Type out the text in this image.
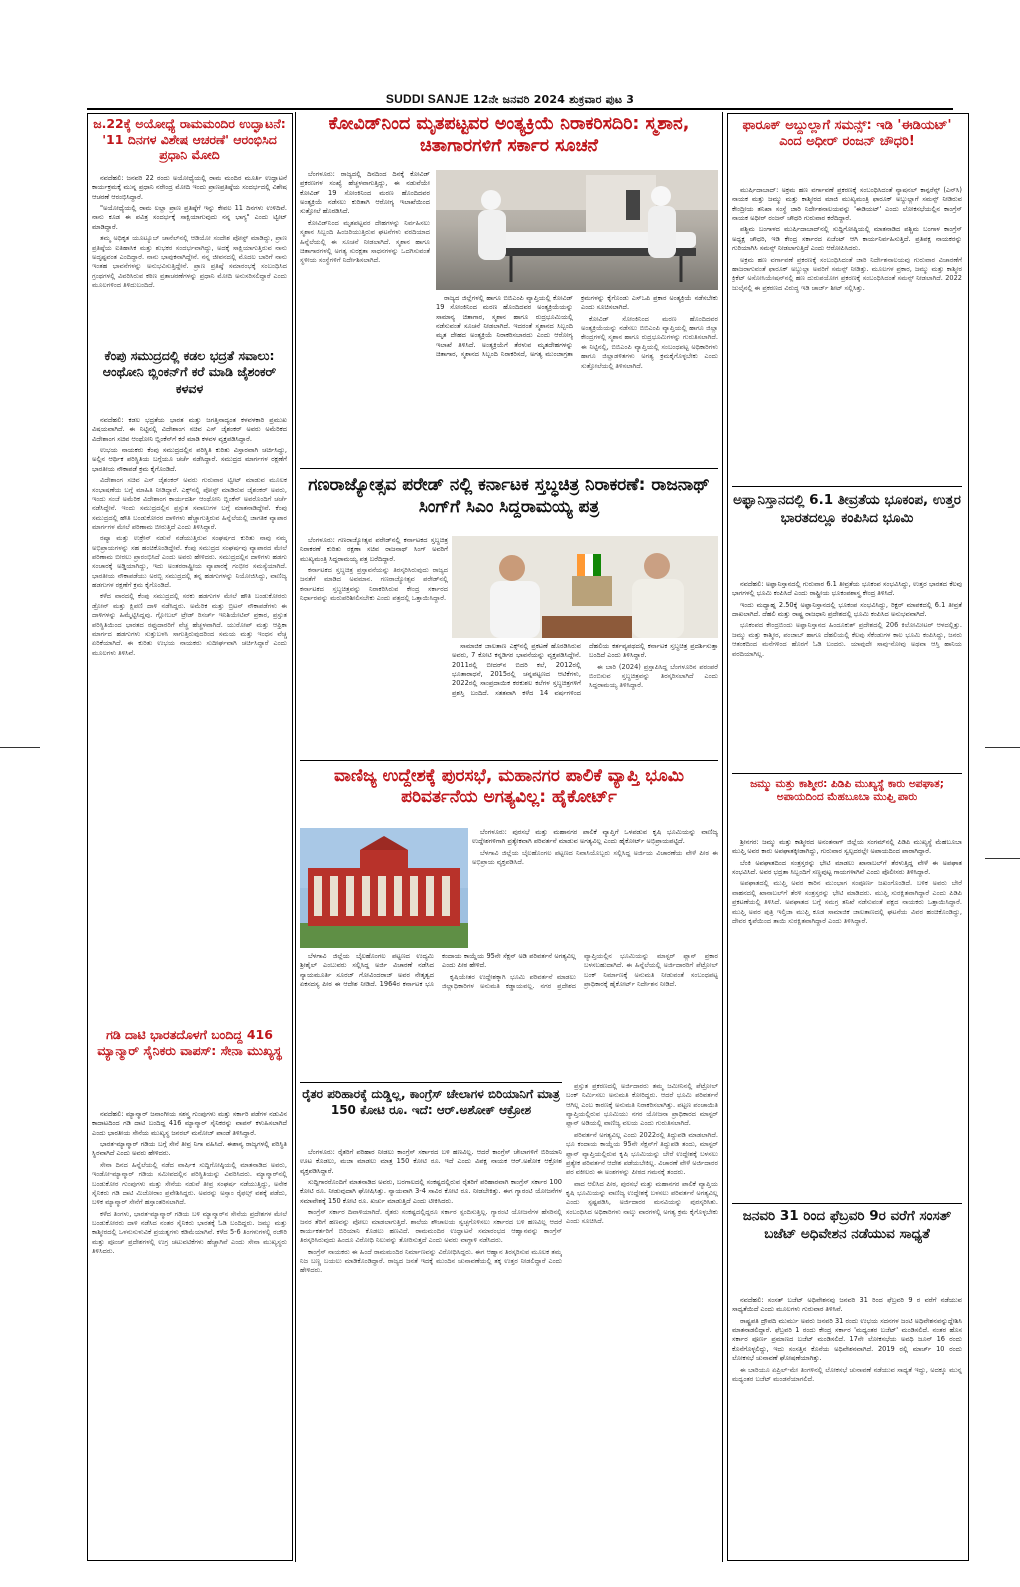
SUDDI SANJE 12ನೇ ಜನವರಿ 2024 ಶುಕ್ರವಾರ ಪುಟ 3
ಜ.22ಕ್ಕೆ ಅಯೋಧ್ಯೆ ರಾಮಮಂದಿರ ಉದ್ಘಾಟನೆ: '11 ದಿನಗಳ ವಿಶೇಷ ಆಚರಣೆ' ಆರಂಭಿಸಿದ ಪ್ರಧಾನಿ ಮೋದಿ

ನವದೆಹಲಿ: ಜನವರಿ 22 ರಂದು ಅಯೋಧ್ಯೆಯಲ್ಲಿ ರಾಮ ಮಂದಿರ ಮೂರ್ತಿ ಉದ್ಘಾಟನೆ ಕಾರ್ಯಕ್ರಮಕ್ಕೆ ಮುನ್ನ ಪ್ರಧಾನಿ ನರೇಂದ್ರ ಮೋದಿ ಇಂದು ಪ್ರಾಣಪ್ರತಿಷ್ಠೆಯ ಸಂದರ್ಭದಲ್ಲಿ ವಿಶೇಷ ಆಚರಣೆ ಆರಂಭಿಸಿದ್ದಾರೆ.

"ಅಯೋಧ್ಯೆಯಲ್ಲಿ ರಾಮ ಲಲ್ಲಾ ಪ್ರಾಣ ಪ್ರತಿಷ್ಠೆಗೆ ಇನ್ನು ಕೇವಲ 11 ದಿನಗಳು ಉಳಿದಿವೆ. ನಾನು ಕೂಡ ಈ ಪವಿತ್ರ ಸಂದರ್ಭಕ್ಕೆ ಸಾಕ್ಷಿಯಾಗುವುದು ನನ್ನ ಭಾಗ್ಯ" ಎಂದು ಟ್ವೀಟ್ ಮಾಡಿದ್ದಾರೆ.

ತಮ್ಮ ಅಧಿಕೃತ ಯೂಟ್ಯೂಬ್ ಚಾನೆಲ್‌ನಲ್ಲಿ ಆಡಿಯೋ ಸಂದೇಶ ಪೋಸ್ಟ್ ಮಾಡಿದ್ದು, ಪ್ರಾಣ ಪ್ರತಿಷ್ಠೆಯ ಐತಿಹಾಸಿಕ ಮತ್ತು ಶುಭಕರ ಸಂದರ್ಭವಾಗಿದ್ದು, ಅದಕ್ಕೆ ಸಾಕ್ಷಿಯಾಗುತ್ತಿರುವ ನಾನು ಅದೃಷ್ಟವಂತ ಎಂದಿದ್ದಾರೆ. ನಾನು ಭಾವುಕನಾಗಿದ್ದೇನೆ. ನನ್ನ ಜೀವನದಲ್ಲಿ ಮೊದಲ ಬಾರಿಗೆ ನಾನು ಇಂತಹ ಭಾವನೆಗಳನ್ನು ಅನುಭವಿಸುತ್ತಿದ್ದೇನೆ. ಪ್ರಾಣ ಪ್ರತಿಷ್ಠೆ ಸಮಾರಂಭಕ್ಕೆ ಸಂಬಂಧಿಸಿದ ಗ್ರಂಥಗಳಲ್ಲಿ ವಿವರಿಸಿರುವ ಕಠಿಣ ವ್ರತಾಚರಣೆಗಳನ್ನು ಪ್ರಧಾನಿ ಮೋದಿ ಅನುಸರಿಸಲಿದ್ದಾರೆ ಎಂದು ಮೂಲಗಳಿಂದ ತಿಳಿದುಬಂದಿದೆ.

ಕೆಂಪು ಸಮುದ್ರದಲ್ಲಿ ಕಡಲ ಭದ್ರತೆ ಸವಾಲು: ಆಂಥೋನಿ ಬ್ಲಿಂಕನ್‌ಗೆ ಕರೆ ಮಾಡಿ ಜೈಶಂಕರ್ ಕಳವಳ

ನವದೆಹಲಿ: ಕಡಲ ಭದ್ರತೆಯ ಭಾರತ ಮತ್ತು ಜಗತ್ತಿನಾದ್ಯಂತ ಕಳವಳಕಾರಿ ಪ್ರಮುಖ ವಿಷಯವಾಗಿದೆ. ಈ ನಿಟ್ಟಿನಲ್ಲಿ ವಿದೇಶಾಂಗ ಸಚಿವ ಎಸ್ ಜೈಶಂಕರ್ ಅವರು ಅಮೆರಿಕದ ವಿದೇಶಾಂಗ ಸಚಿವ ಆಂಥೋನಿ ಬ್ಲಿಂಕೆನ್‌ಗೆ ಕರೆ ಮಾಡಿ ಕಳವಳ ವ್ಯಕ್ತಪಡಿಸಿದ್ದಾರೆ.

ಉಭಯ ನಾಯಕರು ಕೆಂಪು ಸಮುದ್ರದಲ್ಲಿನ ಪರಿಸ್ಥಿತಿ ಕುರಿತು ವಿಸ್ತಾರವಾಗಿ ಚರ್ಚಿಸಿದ್ದು, ಅಲ್ಲಿನ ಆರ್ಥಿಕ ಪರಿಸ್ಥಿತಿಯ ಬಗ್ಗೆಯೂ ಚರ್ಚೆ ನಡೆಸಿದ್ದಾರೆ. ಸಮುದ್ರದ ಮಾರ್ಗಗಳ ರಕ್ಷಣೆಗೆ ಭಾರತೀಯ ನೌಕಾಪಡೆ ಕ್ರಮ ಕೈಗೊಂಡಿದೆ.

ವಿದೇಶಾಂಗ ಸಚಿವ ಎಸ್ ಜೈಶಂಕರ್ ಅವರು ಗುರುವಾರ ಟ್ವೀಟ್ ಮಾಡುವ ಮೂಲಕ ಸಂಭಾಷಣೆಯ ಬಗ್ಗೆ ಮಾಹಿತಿ ನೀಡಿದ್ದಾರೆ. ಎಕ್ಸ್‌ನಲ್ಲಿ ಪೋಸ್ಟ್ ಮಾಡಿರುವ ಜೈಶಂಕರ್ ಅವರು, ಇಂದು ಸಂಜೆ ಅಮೆರಿಕ ವಿದೇಶಾಂಗ ಕಾರ್ಯದರ್ಶಿ ಆಂಥೋನಿ ಬ್ಲಿಂಕೆನ್ ಅವರೊಂದಿಗೆ ಚರ್ಚೆ ನಡೆಸಿದ್ದೇನೆ. ಇಂದು ಸಮುದ್ರದಲ್ಲಿನ ಪ್ರಸ್ತುತ ಸವಾಲುಗಳ ಬಗ್ಗೆ ಮಾತನಾಡಿದ್ದೇವೆ. ಕೆಂಪು ಸಮುದ್ರದಲ್ಲಿ ಹೌತಿ ಬಂಡುಕೋರರ ದಾಳಿಗಳು ಹೆಚ್ಚಾಗುತ್ತಿರುವ ಹಿನ್ನೆಲೆಯಲ್ಲಿ ಜಾಗತಿಕ ವ್ಯಾಪಾರ ಮಾರ್ಗಗಳ ಮೇಲೆ ಪರಿಣಾಮ ಬೀರುತ್ತಿದೆ ಎಂದು ತಿಳಿಸಿದ್ದಾರೆ.

ರಷ್ಯಾ ಮತ್ತು ಉಕ್ರೇನ್ ನಡುವೆ ನಡೆಯುತ್ತಿರುವ ಸಂಘರ್ಷದ ಕುರಿತು ನಾವು ನಮ್ಮ ಅಭಿಪ್ರಾಯಗಳನ್ನು ಸಹ ಹಂಚಿಕೊಂಡಿದ್ದೇವೆ. ಕೆಂಪು ಸಮುದ್ರದ ಸಂಘರ್ಷವು ವ್ಯಾಪಾರದ ಮೇಲೆ ಪರಿಣಾಮ ಬೀರಲು ಪ್ರಾರಂಭಿಸಿದೆ ಎಂದು ಅವರು ಹೇಳಿದರು. ಸಮುದ್ರದಲ್ಲಿನ ದಾಳಿಗಳು ಹಡಗು ಸಂಚಾರಕ್ಕೆ ಅಡ್ಡಿಯಾಗಿದ್ದು, ಇದು ಅಂತರರಾಷ್ಟ್ರೀಯ ವ್ಯಾಪಾರಕ್ಕೆ ಗಂಭೀರ ಸಮಸ್ಯೆಯಾಗಿದೆ. ಭಾರತೀಯ ನೌಕಾಪಡೆಯು ಅರಬ್ಬಿ ಸಮುದ್ರದಲ್ಲಿ ತನ್ನ ಹಡಗುಗಳನ್ನು ನಿಯೋಜಿಸಿದ್ದು, ವಾಣಿಜ್ಯ ಹಡಗುಗಳ ರಕ್ಷಣೆಗೆ ಕ್ರಮ ಕೈಗೊಂಡಿದೆ.

ಕಳೆದ ವಾರದಲ್ಲಿ ಕೆಂಪು ಸಮುದ್ರದಲ್ಲಿ ಸರಕು ಹಡಗುಗಳ ಮೇಲೆ ಹೌತಿ ಬಂಡುಕೋರರು ಡ್ರೋನ್ ಮತ್ತು ಕ್ಷಿಪಣಿ ದಾಳಿ ನಡೆಸಿದ್ದರು. ಅಮೆರಿಕ ಮತ್ತು ಬ್ರಿಟನ್ ನೌಕಾಪಡೆಗಳು ಈ ದಾಳಿಗಳನ್ನು ಹಿಮ್ಮೆಟ್ಟಿಸಿದ್ದವು. ಗ್ಲೋಬಲ್ ಟ್ರೇಡ್ ರಿಸರ್ಚ್ ಇನಿಶಿಯೇಟಿವ್ ಪ್ರಕಾರ, ಪ್ರಸ್ತುತ ಪರಿಸ್ಥಿತಿಯಿಂದ ಭಾರತದ ರಫ್ತುದಾರರಿಗೆ ವೆಚ್ಚ ಹೆಚ್ಚಳವಾಗಿದೆ. ಯುರೋಪ್ ಮತ್ತು ಆಫ್ರಿಕಾ ಮಾರ್ಗದ ಹಡಗುಗಳು ಸುತ್ತುಬಳಸಿ ಸಾಗುತ್ತಿರುವುದರಿಂದ ಸಮಯ ಮತ್ತು ಇಂಧನ ವೆಚ್ಚ ಏರಿಕೆಯಾಗಿದೆ. ಈ ಕುರಿತು ಉಭಯ ನಾಯಕರು ಸುದೀರ್ಘವಾಗಿ ಚರ್ಚಿಸಿದ್ದಾರೆ ಎಂದು ಮೂಲಗಳು ತಿಳಿಸಿವೆ.

ಗಡಿ ದಾಟಿ ಭಾರತದೊಳಗೆ ಬಂದಿದ್ದ 416 ಮ್ಯಾನ್ಮಾರ್ ಸೈನಿಕರು ವಾಪಸ್: ಸೇನಾ ಮುಖ್ಯಸ್ಥ

ನವದೆಹಲಿ: ಮ್ಯಾನ್ಮಾರ್ ಜನಾಂಗೀಯ ಸಶಸ್ತ್ರ ಗುಂಪುಗಳು ಮತ್ತು ಸರ್ಕಾರಿ ಪಡೆಗಳ ನಡುವಿನ ಕಾದಾಟದಿಂದ ಗಡಿ ದಾಟಿ ಬಂದಿದ್ದ 416 ಮ್ಯಾನ್ಮಾರ್ ಸೈನಿಕರನ್ನು ವಾಪಸ್ ಕಳುಹಿಸಲಾಗಿದೆ ಎಂದು ಭಾರತೀಯ ಸೇನೆಯ ಮುಖ್ಯಸ್ಥ ಜನರಲ್ ಮನೋಜ್ ಪಾಂಡೆ ತಿಳಿಸಿದ್ದಾರೆ.

ಭಾರತ-ಮ್ಯಾನ್ಮಾರ್ ಗಡಿಯ ಬಗ್ಗೆ ಸೇನೆ ತೀವ್ರ ನಿಗಾ ವಹಿಸಿದೆ. ಈಶಾನ್ಯ ರಾಜ್ಯಗಳಲ್ಲಿ ಪರಿಸ್ಥಿತಿ ಸ್ಥಿರವಾಗಿದೆ ಎಂದು ಅವರು ಹೇಳಿದರು.

ಸೇನಾ ದಿನದ ಹಿನ್ನೆಲೆಯಲ್ಲಿ ನಡೆದ ವಾರ್ಷಿಕ ಸುದ್ದಿಗೋಷ್ಠಿಯಲ್ಲಿ ಮಾತನಾಡಿದ ಅವರು, ಇಂಡೋ-ಮ್ಯಾನ್ಮಾರ್ ಗಡಿಯ ಸಮೀಪದಲ್ಲಿನ ಪರಿಸ್ಥಿತಿಯನ್ನು ವಿವರಿಸಿದರು. ಮ್ಯಾನ್ಮಾರ್‌ನಲ್ಲಿ ಬಂಡುಕೋರ ಗುಂಪುಗಳು ಮತ್ತು ಸೇನೆಯ ನಡುವೆ ತೀವ್ರ ಸಂಘರ್ಷ ನಡೆಯುತ್ತಿದ್ದು, ಅನೇಕ ಸೈನಿಕರು ಗಡಿ ದಾಟಿ ಮಿಜೋರಾಂ ಪ್ರವೇಶಿಸಿದ್ದರು. ಅವರನ್ನು ಅಸ್ಸಾಂ ರೈಫಲ್ಸ್ ವಶಕ್ಕೆ ಪಡೆದು, ಬಳಿಕ ಮ್ಯಾನ್ಮಾರ್ ಸೇನೆಗೆ ಹಸ್ತಾಂತರಿಸಲಾಗಿದೆ.

ಕಳೆದ ತಿಂಗಳು, ಭಾರತ-ಮ್ಯಾನ್ಮಾರ್ ಗಡಿಯ ಬಳಿ ಮ್ಯಾನ್ಮಾರ್‌ನ ಸೇನೆಯ ಪ್ರದೇಶಗಳ ಮೇಲೆ ಬಂಡುಕೋರರು ದಾಳಿ ನಡೆಸಿದ ನಂತರ ಸೈನಿಕರು ಭಾರತಕ್ಕೆ ಓಡಿ ಬಂದಿದ್ದರು. ಜಮ್ಮು ಮತ್ತು ಕಾಶ್ಮೀರದಲ್ಲಿ ಒಳನುಸುಳುವಿಕೆ ಪ್ರಯತ್ನಗಳು ಕಡಿಮೆಯಾಗಿವೆ. ಕಳೆದ 5-6 ತಿಂಗಳುಗಳಲ್ಲಿ ರಜೌರಿ ಮತ್ತು ಪೂಂಚ್ ಪ್ರದೇಶಗಳಲ್ಲಿ ಉಗ್ರ ಚಟುವಟಿಕೆಗಳು ಹೆಚ್ಚಾಗಿವೆ ಎಂದು ಸೇನಾ ಮುಖ್ಯಸ್ಥರು ತಿಳಿಸಿದರು.

ಕೋವಿಡ್‌ನಿಂದ ಮೃತಪಟ್ಟವರ ಅಂತ್ಯಕ್ರಿಯೆ ನಿರಾಕರಿಸದಿರಿ: ಸ್ಮಶಾನ, ಚಿತಾಗಾರಗಳಿಗೆ ಸರ್ಕಾರ ಸೂಚನೆ

ಬೆಂಗಳೂರು: ರಾಜ್ಯದಲ್ಲಿ ದಿನದಿಂದ ದಿನಕ್ಕೆ ಕೋವಿಡ್ ಪ್ರಕರಣಗಳ ಸಂಖ್ಯೆ ಹೆಚ್ಚಳವಾಗುತ್ತಿದ್ದು, ಈ ನಡುವೆಯೇ ಕೋವಿಡ್ 19 ಸೋಂಕಿನಿಂದ ಮರಣ ಹೊಂದಿದವರ ಅಂತ್ಯಕ್ರಿಯೆ ನಡೆಸಲು ಕುರಿತಾಗಿ ಆರೋಗ್ಯ ಇಲಾಖೆಯಿಂದ ಸುತ್ತೋಲೆ ಹೊರಡಿಸಿದೆ.

ಕೋವಿಡ್‌ನಿಂದ ಮೃತಪಟ್ಟವರ ದೇಹಗಳನ್ನು ನಿರ್ವಹಿಸಲು ಸ್ಮಶಾನ ಸಿಬ್ಬಂದಿ ಹಿಂಜರಿಯುತ್ತಿರುವ ಘಟನೆಗಳು ವರದಿಯಾದ ಹಿನ್ನೆಲೆಯಲ್ಲಿ ಈ ಸೂಚನೆ ನೀಡಲಾಗಿದೆ. ಸ್ಮಶಾನ ಹಾಗೂ ಚಿತಾಗಾರಗಳಲ್ಲಿ ಅಗತ್ಯ ಸುರಕ್ಷತಾ ಸಾಧನಗಳನ್ನು ಒದಗಿಸುವಂತೆ ಸ್ಥಳೀಯ ಸಂಸ್ಥೆಗಳಿಗೆ ನಿರ್ದೇಶಿಸಲಾಗಿದೆ.

ರಾಜ್ಯದ ಜಿಲ್ಲೆಗಳಲ್ಲಿ ಹಾಗೂ ಬಿಬಿಎಂಪಿ ವ್ಯಾಪ್ತಿಯಲ್ಲಿ ಕೋವಿಡ್ 19 ಸೋಂಕಿನಿಂದ ಮರಣ ಹೊಂದಿದವರ ಅಂತ್ಯಕ್ರಿಯೆಯನ್ನು ಸಾಮಾನ್ಯ ಚಿತಾಗಾರ, ಸ್ಮಶಾನ ಹಾಗೂ ರುದ್ರಭೂಮಿಯಲ್ಲಿ ನಡೆಸುವಂತೆ ಸೂಚನೆ ನೀಡಲಾಗಿದೆ. ಇದರಂತೆ ಸ್ಮಶಾನದ ಸಿಬ್ಬಂದಿ ಮೃತ ದೇಹದ ಅಂತ್ಯಕ್ರಿಯೆ ನಿರಾಕರಿಸಬಾರದು ಎಂದು ಆರೋಗ್ಯ ಇಲಾಖೆ ತಿಳಿಸಿದೆ. ಅಂತ್ಯಕ್ರಿಯೆಗೆ ತೆರಳುವ ಮೃತದೇಹಗಳನ್ನು ಚಿತಾಗಾರ, ಸ್ಮಶಾನದ ಸಿಬ್ಬಂದಿ ನಿರಾಕರಿಸದೆ, ಅಗತ್ಯ ಮುಂಜಾಗ್ರತಾ ಕ್ರಮಗಳನ್ನು ಕೈಗೊಂಡು ಎಸ್‌ಒಪಿ ಪ್ರಕಾರ ಅಂತ್ಯಕ್ರಿಯೆ ನಡೆಸಬೇಕು ಎಂದು ಸೂಚಿಸಲಾಗಿದೆ.

ಕೋವಿಡ್ ಸೋಂಕಿನಿಂದ ಮರಣ ಹೊಂದಿದವರ ಅಂತ್ಯಕ್ರಿಯೆಯನ್ನು ನಡೆಸಲು ಬಿಬಿಎಂಪಿ ವ್ಯಾಪ್ತಿಯಲ್ಲಿ ಹಾಗೂ ಜಿಲ್ಲಾ ಕೇಂದ್ರಗಳಲ್ಲಿ ಸ್ಮಶಾನ ಹಾಗೂ ರುದ್ರಭೂಮಿಗಳನ್ನು ಗುರುತಿಸಲಾಗಿದೆ. ಈ ನಿಟ್ಟಿನಲ್ಲಿ, ಬಿಬಿಎಂಪಿ ವ್ಯಾಪ್ತಿಯಲ್ಲಿ ಸಂಬಂಧಪಟ್ಟ ಅಧಿಕಾರಿಗಳು ಹಾಗೂ ಜಿಲ್ಲಾಡಳಿತಗಳು ಅಗತ್ಯ ಕ್ರಮಕೈಗೊಳ್ಳಬೇಕು ಎಂದು ಸುತ್ತೋಲೆಯಲ್ಲಿ ತಿಳಿಸಲಾಗಿದೆ.

ಗಣರಾಜ್ಯೋತ್ಸವ ಪರೇಡ್ ನಲ್ಲಿ ಕರ್ನಾಟಕ ಸ್ತಬ್ಧಚಿತ್ರ ನಿರಾಕರಣೆ: ರಾಜನಾಥ್ ಸಿಂಗ್‌ಗೆ ಸಿಎಂ ಸಿದ್ದರಾಮಯ್ಯ ಪತ್ರ

ಬೆಂಗಳೂರು: ಗಣರಾಜ್ಯೋತ್ಸವ ಪರೇಡ್‌ನಲ್ಲಿ ಕರ್ನಾಟಕದ ಸ್ತಬ್ಧಚಿತ್ರ ನಿರಾಕರಣೆ ಕುರಿತು ರಕ್ಷಣಾ ಸಚಿವ ರಾಜನಾಥ್ ಸಿಂಗ್ ಅವರಿಗೆ ಮುಖ್ಯಮಂತ್ರಿ ಸಿದ್ದರಾಮಯ್ಯ ಪತ್ರ ಬರೆದಿದ್ದಾರೆ.

ಕರ್ನಾಟಕದ ಸ್ತಬ್ಧಚಿತ್ರ ಪ್ರಸ್ತಾವನೆಯನ್ನು ತಿರಸ್ಕರಿಸಿರುವುದು ರಾಜ್ಯದ ಜನತೆಗೆ ಮಾಡಿದ ಅವಮಾನ. ಗಣರಾಜ್ಯೋತ್ಸವ ಪರೇಡ್‌ನಲ್ಲಿ ಕರ್ನಾಟಕದ ಸ್ತಬ್ಧಚಿತ್ರವನ್ನು ನಿರಾಕರಿಸಿರುವ ಕೇಂದ್ರ ಸರ್ಕಾರದ ನಿರ್ಧಾರವನ್ನು ಮರುಪರಿಶೀಲಿಸಬೇಕು ಎಂದು ಪತ್ರದಲ್ಲಿ ಒತ್ತಾಯಿಸಿದ್ದಾರೆ.

ಸಾಮಾಜಿಕ ಜಾಲತಾಣ ಎಕ್ಸ್‌ನಲ್ಲಿ ಪ್ರಕಟಣೆ ಹೊರಡಿಸಿರುವ ಅವರು, 7 ಕೋಟಿ ಕನ್ನಡಿಗರ ಭಾವನೆಯನ್ನು ವ್ಯಕ್ತಪಡಿಸಿದ್ದೇನೆ. 2011ರಲ್ಲಿ ಬೀದರ್‌ನ ಬಿದರಿ ಕಲೆ, 2012ರಲ್ಲಿ ಭೂತಾರಾಧನೆ, 2015ರಲ್ಲಿ ಚನ್ನಪಟ್ಟಣದ ಆಟಿಕೆಗಳು, 2022ರಲ್ಲಿ ಸಾಂಪ್ರದಾಯಿಕ ಕರಕುಶಲ ಕಲೆಗಳ ಸ್ತಬ್ಧಚಿತ್ರಗಳಿಗೆ ಪ್ರಶಸ್ತಿ ಬಂದಿದೆ. ಸತತವಾಗಿ ಕಳೆದ 14 ವರ್ಷಗಳಿಂದ ದೆಹಲಿಯ ಕರ್ತವ್ಯಪಥದಲ್ಲಿ ಕರ್ನಾಟಕ ಸ್ತಬ್ಧಚಿತ್ರ ಪ್ರದರ್ಶಿಸುತ್ತಾ ಬಂದಿದೆ ಎಂದು ತಿಳಿಸಿದ್ದಾರೆ.

ಈ ಬಾರಿ (2024) ಪ್ರಸ್ತಾಪಿಸಿದ್ದ ಬೆಂಗಳೂರಿನ ಪರಂಪರೆ ಬಿಂಬಿಸುವ ಸ್ತಬ್ಧಚಿತ್ರವನ್ನು ತಿರಸ್ಕರಿಸಲಾಗಿದೆ ಎಂದು ಸಿದ್ದರಾಮಯ್ಯ ತಿಳಿಸಿದ್ದಾರೆ.

ವಾಣಿಜ್ಯ ಉದ್ದೇಶಕ್ಕೆ ಪುರಸಭೆ, ಮಹಾನಗರ ಪಾಲಿಕೆ ವ್ಯಾಪ್ತಿ ಭೂಮಿ ಪರಿವರ್ತನೆಯ ಅಗತ್ಯವಿಲ್ಲ: ಹೈಕೋರ್ಟ್

ಬೆಂಗಳೂರು: ಪುರಸಭೆ ಮತ್ತು ಮಹಾನಗರ ಪಾಲಿಕೆ ವ್ಯಾಪ್ತಿಗೆ ಒಳಪಡುವ ಕೃಷಿ ಭೂಮಿಯನ್ನು ವಾಣಿಜ್ಯ ಉದ್ದೇಶಗಳಿಗಾಗಿ ಪ್ರತ್ಯೇಕವಾಗಿ ಪರಿವರ್ತನೆ ಮಾಡುವ ಅಗತ್ಯವಿಲ್ಲ ಎಂದು ಹೈಕೋರ್ಟ್ ಅಭಿಪ್ರಾಯಪಟ್ಟಿದೆ.

ಬೆಳಗಾವಿ ಜಿಲ್ಲೆಯ ಬೈಲಹೊಂಗಲ ಪಟ್ಟಣದ ನಿವಾಸಿಯೊಬ್ಬರು ಸಲ್ಲಿಸಿದ್ದ ಅರ್ಜಿಯ ವಿಚಾರಣೆಯ ವೇಳೆ ಪೀಠ ಈ ಅಭಿಪ್ರಾಯ ವ್ಯಕ್ತಪಡಿಸಿದೆ.

ಬೆಳಗಾವಿ ಜಿಲ್ಲೆಯ ಬೈಲಹೊಂಗಲ ಪಟ್ಟಣದ ಉದ್ಯಮಿ ಶ್ರೀಶೈಲ್ ಎಂಬುವರು ಸಲ್ಲಿಸಿದ್ದ ಅರ್ಜಿ ವಿಚಾರಣೆ ನಡೆಸಿದ ನ್ಯಾಯಮೂರ್ತಿ ಸೂರಜ್ ಗೋವಿಂದರಾಜ್ ಅವರ ನೇತೃತ್ವದ ಏಕಸದಸ್ಯ ಪೀಠ ಈ ಆದೇಶ ನೀಡಿದೆ. 1964ರ ಕರ್ನಾಟಕ ಭೂ ಕಂದಾಯ ಕಾಯ್ದೆಯ 95ನೇ ಸೆಕ್ಷನ್ ಅಡಿ ಪರಿವರ್ತನೆ ಅಗತ್ಯವಿಲ್ಲ ಎಂದು ಪೀಠ ಹೇಳಿದೆ.

ಕೃಷಿಯೇತರ ಉದ್ದೇಶಕ್ಕಾಗಿ ಭೂಮಿ ಪರಿವರ್ತನೆ ಮಾಡಲು ಜಿಲ್ಲಾಧಿಕಾರಿಗಳ ಅನುಮತಿ ಕಡ್ಡಾಯವಲ್ಲ. ನಗರ ಪ್ರದೇಶದ ವ್ಯಾಪ್ತಿಯಲ್ಲಿನ ಭೂಮಿಯನ್ನು ಮಾಸ್ಟರ್ ಪ್ಲಾನ್ ಪ್ರಕಾರ ಬಳಸಬಹುದಾಗಿದೆ. ಈ ಹಿನ್ನೆಲೆಯಲ್ಲಿ ಅರ್ಜಿದಾರರಿಗೆ ಪೆಟ್ರೋಲ್ ಬಂಕ್ ನಿರ್ಮಾಣಕ್ಕೆ ಅನುಮತಿ ನೀಡುವಂತೆ ಸಂಬಂಧಪಟ್ಟ ಪ್ರಾಧಿಕಾರಕ್ಕೆ ಹೈಕೋರ್ಟ್ ನಿರ್ದೇಶನ ನೀಡಿದೆ.

ರೈತರ ಪರಿಹಾರಕ್ಕೆ ದುಡ್ಡಿಲ್ಲ, ಕಾಂಗ್ರೆಸ್ ಚೇಲಾಗಳ ಬಿರಿಯಾನಿಗೆ ಮಾತ್ರ 150 ಕೋಟಿ ರೂ. ಇದೆ: ಆರ್.ಅಶೋಕ್ ಆಕ್ರೋಶ

ಬೆಂಗಳೂರು: ರೈತರಿಗೆ ಪರಿಹಾರ ನೀಡಲು ಕಾಂಗ್ರೆಸ್ ಸರ್ಕಾರದ ಬಳಿ ಹಣವಿಲ್ಲ. ಆದರೆ ಕಾಂಗ್ರೆಸ್ ಚೇಲಾಗಳಿಗೆ ಬಿರಿಯಾನಿ ಊಟ ಕೊಡಲು, ಮಜಾ ಮಾಡಲು ಮಾತ್ರ 150 ಕೋಟಿ ರೂ. ಇದೆ ಎಂದು ವಿಪಕ್ಷ ನಾಯಕ ಆರ್.ಅಶೋಕ ಆಕ್ರೋಶ ವ್ಯಕ್ತಪಡಿಸಿದ್ದಾರೆ.

ಸುದ್ದಿಗಾರರೊಂದಿಗೆ ಮಾತನಾಡಿದ ಅವರು, ಬರಗಾಲದಲ್ಲಿ ಸಂಕಷ್ಟದಲ್ಲಿರುವ ರೈತರಿಗೆ ಪರಿಹಾರವಾಗಿ ಕಾಂಗ್ರೆಸ್ ಸರ್ಕಾರ 100 ಕೋಟಿ ರೂ. ನೀಡುವುದಾಗಿ ಘೋಷಿಸಿತ್ತು. ನ್ಯಾಯವಾಗಿ 3-4 ಸಾವಿರ ಕೋಟಿ ರೂ. ನೀಡಬೇಕಿತ್ತು. ಈಗ ಗ್ಯಾರಂಟಿ ಯೋಜನೆಗಳ ಸಮಾವೇಶಕ್ಕೆ 150 ಕೋಟಿ ರೂ. ಖರ್ಚು ಮಾಡುತ್ತಿದೆ ಎಂದು ಟೀಕಿಸಿದರು.

ಕಾಂಗ್ರೆಸ್ ಸರ್ಕಾರ ದಿವಾಳಿಯಾಗಿದೆ. ರೈತರು ಸಂಕಷ್ಟದಲ್ಲಿದ್ದರೂ ಸರ್ಕಾರ ಸ್ಪಂದಿಸುತ್ತಿಲ್ಲ. ಗ್ಯಾರಂಟಿ ಯೋಜನೆಗಳ ಹೆಸರಿನಲ್ಲಿ ಜನರ ತೆರಿಗೆ ಹಣವನ್ನು ಪೋಲು ಮಾಡಲಾಗುತ್ತಿದೆ. ಶಾಲೆಯ ಶೌಚಾಲಯ ಸ್ವಚ್ಛಗೊಳಿಸಲು ಸರ್ಕಾರದ ಬಳಿ ಹಣವಿಲ್ಲ ಆದರೆ ಕಾರ್ಯಕರ್ತರಿಗೆ ಬಿರಿಯಾನಿ ಕೊಡಲು ಹಣವಿದೆ. ರಾಮಮಂದಿರ ಉದ್ಘಾಟನೆ ಸಮಾರಂಭದ ಆಹ್ವಾನವನ್ನು ಕಾಂಗ್ರೆಸ್ ತಿರಸ್ಕರಿಸಿರುವುದು ಹಿಂದೂ ವಿರೋಧಿ ನಿಲುವನ್ನು ತೋರಿಸುತ್ತದೆ ಎಂದು ಅವರು ವಾಗ್ದಾಳಿ ನಡೆಸಿದರು.

ಕಾಂಗ್ರೆಸ್ ನಾಯಕರು ಈ ಹಿಂದೆ ರಾಮಮಂದಿರ ನಿರ್ಮಾಣವನ್ನು ವಿರೋಧಿಸಿದ್ದರು. ಈಗ ಆಹ್ವಾನ ತಿರಸ್ಕರಿಸುವ ಮೂಲಕ ತಮ್ಮ ನಿಜ ಬಣ್ಣ ಬಯಲು ಮಾಡಿಕೊಂಡಿದ್ದಾರೆ. ರಾಜ್ಯದ ಜನತೆ ಇದಕ್ಕೆ ಮುಂದಿನ ಚುನಾವಣೆಯಲ್ಲಿ ತಕ್ಕ ಉತ್ತರ ನೀಡಲಿದ್ದಾರೆ ಎಂದು ಹೇಳಿದರು.

ಪ್ರಸ್ತುತ ಪ್ರಕರಣದಲ್ಲಿ ಅರ್ಜಿದಾರರು ತಮ್ಮ ಜಮೀನಿನಲ್ಲಿ ಪೆಟ್ರೋಲ್ ಬಂಕ್ ನಿರ್ಮಿಸಲು ಅನುಮತಿ ಕೋರಿದ್ದರು. ಆದರೆ ಭೂಮಿ ಪರಿವರ್ತನೆ ಆಗಿಲ್ಲ ಎಂಬ ಕಾರಣಕ್ಕೆ ಅನುಮತಿ ನಿರಾಕರಿಸಲಾಗಿತ್ತು. ಪಟ್ಟಣ ಪಂಚಾಯಿತಿ ವ್ಯಾಪ್ತಿಯಲ್ಲಿರುವ ಭೂಮಿಯು ನಗರ ಯೋಜನಾ ಪ್ರಾಧಿಕಾರದ ಮಾಸ್ಟರ್ ಪ್ಲಾನ್ ಅಡಿಯಲ್ಲಿ ವಾಣಿಜ್ಯ ವಲಯ ಎಂದು ಗುರುತಿಸಲಾಗಿದೆ.

ಪರಿವರ್ತನೆ ಅಗತ್ಯವಿಲ್ಲ ಎಂದು 2022ರಲ್ಲಿ ತಿದ್ದುಪಡಿ ಮಾಡಲಾಗಿದೆ. ಭೂ ಕಂದಾಯ ಕಾಯ್ದೆಯ 95ನೇ ಸೆಕ್ಷನ್‌ಗೆ ತಿದ್ದುಪಡಿ ತಂದು, ಮಾಸ್ಟರ್ ಪ್ಲಾನ್ ವ್ಯಾಪ್ತಿಯಲ್ಲಿರುವ ಕೃಷಿ ಭೂಮಿಯನ್ನು ಬೇರೆ ಉದ್ದೇಶಕ್ಕೆ ಬಳಸಲು ಪ್ರತ್ಯೇಕ ಪರಿವರ್ತನೆ ಆದೇಶ ಪಡೆಯಬೇಕಿಲ್ಲ. ವಿಚಾರಣೆ ವೇಳೆ ಅರ್ಜಿದಾರರ ಪರ ವಕೀಲರು ಈ ಅಂಶಗಳನ್ನು ಪೀಠದ ಗಮನಕ್ಕೆ ತಂದರು.

ವಾದ ಆಲಿಸಿದ ಪೀಠ, ಪುರಸಭೆ ಮತ್ತು ಮಹಾನಗರ ಪಾಲಿಕೆ ವ್ಯಾಪ್ತಿಯ ಕೃಷಿ ಭೂಮಿಯನ್ನು ವಾಣಿಜ್ಯ ಉದ್ದೇಶಕ್ಕೆ ಬಳಸಲು ಪರಿವರ್ತನೆ ಅಗತ್ಯವಿಲ್ಲ ಎಂದು ಸ್ಪಷ್ಟಪಡಿಸಿ, ಅರ್ಜಿದಾರರ ಮನವಿಯನ್ನು ಪುರಸ್ಕರಿಸಿತು. ಸಂಬಂಧಿಸಿದ ಅಧಿಕಾರಿಗಳು ನಾಲ್ಕು ವಾರಗಳಲ್ಲಿ ಅಗತ್ಯ ಕ್ರಮ ಕೈಗೊಳ್ಳಬೇಕು ಎಂದು ಸೂಚಿಸಿದೆ.

ಫಾರೂಕ್ ಅಬ್ದುಲ್ಲಾಗೆ ಸಮನ್ಸ್: ಇಡಿ 'ಈಡಿಯಟ್' ಎಂದ ಅಧೀರ್ ರಂಜನ್ ಚೌಧರಿ!

ಮುರ್ಷಿದಾಬಾದ್: ಅಕ್ರಮ ಹಣ ವರ್ಗಾವಣೆ ಪ್ರಕರಣಕ್ಕೆ ಸಂಬಂಧಿಸಿದಂತೆ ನ್ಯಾಷನಲ್ ಕಾನ್ಫರೆನ್ಸ್ (ಎನ್‌ಸಿ) ನಾಯಕ ಮತ್ತು ಜಮ್ಮು ಮತ್ತು ಕಾಶ್ಮೀರದ ಮಾಜಿ ಮುಖ್ಯಮಂತ್ರಿ ಫಾರೂಕ್ ಅಬ್ದುಲ್ಲಾಗೆ ಸಮನ್ಸ್ ನೀಡಿರುವ ಕೇಂದ್ರೀಯ ತನಿಖಾ ಸಂಸ್ಥೆ ಜಾರಿ ನಿರ್ದೇಶನಾಲಯವನ್ನು 'ಈಡಿಯಟ್' ಎಂದು ಲೋಕಸಭೆಯಲ್ಲಿನ ಕಾಂಗ್ರೆಸ್ ನಾಯಕ ಅಧೀರ್ ರಂಜನ್ ಚೌಧರಿ ಗುರುವಾರ ಕರೆದಿದ್ದಾರೆ.

ಪಶ್ಚಿಮ ಬಂಗಾಳದ ಮುರ್ಷಿದಾಬಾದ್‌ನಲ್ಲಿ ಸುದ್ದಿಗೋಷ್ಠಿಯಲ್ಲಿ ಮಾತನಾಡಿದ ಪಶ್ಚಿಮ ಬಂಗಾಳ ಕಾಂಗ್ರೆಸ್ ಅಧ್ಯಕ್ಷ ಚೌಧರಿ, ಇಡಿ ಕೇಂದ್ರ ಸರ್ಕಾರದ ಏಜೆಂಟ್ ಆಗಿ ಕಾರ್ಯನಿರ್ವಹಿಸುತ್ತಿದೆ. ಪ್ರತಿಪಕ್ಷ ನಾಯಕರನ್ನು ಗುರಿಯಾಗಿಸಿ ಸಮನ್ಸ್ ನೀಡಲಾಗುತ್ತಿದೆ ಎಂದು ಆರೋಪಿಸಿದರು.

ಅಕ್ರಮ ಹಣ ವರ್ಗಾವಣೆ ಪ್ರಕರಣಕ್ಕೆ ಸಂಬಂಧಿಸಿದಂತೆ ಜಾರಿ ನಿರ್ದೇಶನಾಲಯವು ಗುರುವಾರ ವಿಚಾರಣೆಗೆ ಹಾಜರಾಗುವಂತೆ ಫಾರೂಕ್ ಅಬ್ದುಲ್ಲಾ ಅವರಿಗೆ ಸಮನ್ಸ್ ನೀಡಿತ್ತು. ಮೂಲಗಳ ಪ್ರಕಾರ, ಜಮ್ಮು ಮತ್ತು ಕಾಶ್ಮೀರ ಕ್ರಿಕೆಟ್ ಅಸೋಸಿಯೇಷನ್‌ನಲ್ಲಿ ಹಣ ದುರುಪಯೋಗ ಪ್ರಕರಣಕ್ಕೆ ಸಂಬಂಧಿಸಿದಂತೆ ಸಮನ್ಸ್ ನೀಡಲಾಗಿದೆ. 2022 ಜುಲೈನಲ್ಲಿ ಈ ಪ್ರಕರಣದ ವಿರುದ್ಧ ಇಡಿ ಚಾರ್ಜ್ ಶೀಟ್ ಸಲ್ಲಿಸಿತ್ತು.

ಅಫ್ಘಾನಿಸ್ತಾನದಲ್ಲಿ 6.1 ತೀವ್ರತೆಯ ಭೂಕಂಪ, ಉತ್ತರ ಭಾರತದಲ್ಲೂ ಕಂಪಿಸಿದ ಭೂಮಿ

ನವದೆಹಲಿ: ಅಫ್ಘಾನಿಸ್ತಾನದಲ್ಲಿ ಗುರುವಾರ 6.1 ತೀವ್ರತೆಯ ಭೂಕಂಪ ಸಂಭವಿಸಿದ್ದು, ಉತ್ತರ ಭಾರತದ ಕೆಲವು ಭಾಗಗಳಲ್ಲಿ ಭೂಮಿ ಕಂಪಿಸಿದೆ ಎಂದು ರಾಷ್ಟ್ರೀಯ ಭೂಕಂಪಶಾಸ್ತ್ರ ಕೇಂದ್ರ ತಿಳಿಸಿದೆ.

ಇಂದು ಮಧ್ಯಾಹ್ನ 2.50ಕ್ಕೆ ಅಫ್ಘಾನಿಸ್ತಾನದಲ್ಲಿ ಭೂಕಂಪ ಸಂಭವಿಸಿದ್ದು, ರಿಕ್ಟರ್ ಮಾಪಕದಲ್ಲಿ 6.1 ತೀವ್ರತೆ ದಾಖಲಾಗಿದೆ. ದೆಹಲಿ ಮತ್ತು ರಾಷ್ಟ್ರ ರಾಜಧಾನಿ ಪ್ರದೇಶದಲ್ಲಿ ಭೂಮಿ ಕಂಪಿಸಿದ ಅನುಭವವಾಗಿದೆ.

ಭೂಕಂಪದ ಕೇಂದ್ರಬಿಂದು ಅಫ್ಘಾನಿಸ್ತಾನದ ಹಿಂದೂಕುಶ್ ಪ್ರದೇಶದಲ್ಲಿ 206 ಕಿಲೋಮೀಟರ್ ಆಳದಲ್ಲಿತ್ತು. ಜಮ್ಮು ಮತ್ತು ಕಾಶ್ಮೀರ, ಪಂಜಾಬ್ ಹಾಗೂ ದೆಹಲಿಯಲ್ಲಿ ಕೆಲವು ಸೆಕೆಂಡುಗಳ ಕಾಲ ಭೂಮಿ ಕಂಪಿಸಿದ್ದು, ಜನರು ಆತಂಕದಿಂದ ಮನೆಗಳಿಂದ ಹೊರಗೆ ಓಡಿ ಬಂದರು. ಯಾವುದೇ ಸಾವು-ನೋವು ಅಥವಾ ಆಸ್ತಿ ಹಾನಿಯ ವರದಿಯಾಗಿಲ್ಲ.

ಜಮ್ಮು ಮತ್ತು ಕಾಶ್ಮೀರ: ಪಿಡಿಪಿ ಮುಖ್ಯಸ್ಥೆ ಕಾರು ಅಪಘಾತ; ಅಪಾಯದಿಂದ ಮೆಹಬೂಬಾ ಮುಫ್ತಿ ಪಾರು

ಶ್ರೀನಗರ: ಜಮ್ಮು ಮತ್ತು ಕಾಶ್ಮೀರದ ಅನಂತನಾಗ್ ಜಿಲ್ಲೆಯ ಸಂಗಮ್‌ನಲ್ಲಿ ಪಿಡಿಪಿ ಮುಖ್ಯಸ್ಥೆ ಮೆಹಬೂಬಾ ಮುಫ್ತಿ ಅವರ ಕಾರು ಅಪಘಾತಕ್ಕೀಡಾಗಿದ್ದು, ಗುರುವಾರ ಸ್ವಲ್ಪದರಲ್ಲೇ ಅಪಾಯದಿಂದ ಪಾರಾಗಿದ್ದಾರೆ.

ಬೆಂಕಿ ಅಪಘಾತದಿಂದ ಸಂತ್ರಸ್ತರನ್ನು ಭೇಟಿ ಮಾಡಲು ಖಾನಾಬಲ್‌ಗೆ ತೆರಳುತ್ತಿದ್ದ ವೇಳೆ ಈ ಅಪಘಾತ ಸಂಭವಿಸಿದೆ. ಅವರ ಭದ್ರತಾ ಸಿಬ್ಬಂದಿಗೆ ಸಣ್ಣಪುಟ್ಟ ಗಾಯಗಳಾಗಿವೆ ಎಂದು ಪೊಲೀಸರು ತಿಳಿಸಿದ್ದಾರೆ.

ಅಪಘಾತದಲ್ಲಿ ಮುಫ್ತಿ ಅವರ ಕಾರಿನ ಮುಂಭಾಗ ಸಂಪೂರ್ಣ ಜಖಂಗೊಂಡಿದೆ. ಬಳಿಕ ಅವರು ಬೇರೆ ವಾಹನದಲ್ಲಿ ಖಾನಾಬಲ್‌ಗೆ ತೆರಳಿ ಸಂತ್ರಸ್ತರನ್ನು ಭೇಟಿ ಮಾಡಿದರು. ಮುಫ್ತಿ ಸುರಕ್ಷಿತವಾಗಿದ್ದಾರೆ ಎಂದು ಪಿಡಿಪಿ ಪ್ರಕಟಣೆಯಲ್ಲಿ ತಿಳಿಸಿದೆ. ಅಪಘಾತದ ಬಗ್ಗೆ ಸಮಗ್ರ ತನಿಖೆ ನಡೆಸುವಂತೆ ಪಕ್ಷದ ನಾಯಕರು ಒತ್ತಾಯಿಸಿದ್ದಾರೆ. ಮುಫ್ತಿ ಅವರ ಪುತ್ರಿ ಇಲ್ತಿಜಾ ಮುಫ್ತಿ ಕೂಡ ಸಾಮಾಜಿಕ ಜಾಲತಾಣದಲ್ಲಿ ಘಟನೆಯ ವಿವರ ಹಂಚಿಕೊಂಡಿದ್ದು, ದೇವರ ಕೃಪೆಯಿಂದ ತಾಯಿ ಸುರಕ್ಷಿತವಾಗಿದ್ದಾರೆ ಎಂದು ತಿಳಿಸಿದ್ದಾರೆ.

ಜನವರಿ 31 ರಿಂದ ಫೆಬ್ರವರಿ 9ರ ವರೆಗೆ ಸಂಸತ್ ಬಜೆಟ್ ಅಧಿವೇಶನ ನಡೆಯುವ ಸಾಧ್ಯತೆ

ನವದೆಹಲಿ: ಸಂಸತ್ ಬಜೆಟ್ ಅಧಿವೇಶನವು ಜನವರಿ 31 ರಿಂದ ಫೆಬ್ರವರಿ 9 ರ ವರೆಗೆ ನಡೆಯುವ ಸಾಧ್ಯತೆಯಿದೆ ಎಂದು ಮೂಲಗಳು ಗುರುವಾರ ತಿಳಿಸಿವೆ.

ರಾಷ್ಟ್ರಪತಿ ದ್ರೌಪದಿ ಮುರ್ಮು ಅವರು ಜನವರಿ 31 ರಂದು ಉಭಯ ಸದನಗಳ ಜಂಟಿ ಅಧಿವೇಶನವನ್ನುದ್ದೇಶಿಸಿ ಮಾತನಾಡಲಿದ್ದಾರೆ. ಫೆಬ್ರವರಿ 1 ರಂದು ಕೇಂದ್ರ ಸರ್ಕಾರ 'ಮಧ್ಯಂತರ ಬಜೆಟ್' ಮಂಡಿಸಲಿದೆ. ನಂತರ ಹೊಸ ಸರ್ಕಾರ ಪೂರ್ಣ ಪ್ರಮಾಣದ ಬಜೆಟ್ ಮಂಡಿಸಲಿದೆ. 17ನೇ ಲೋಕಸಭೆಯ ಅವಧಿ ಜೂನ್ 16 ರಂದು ಕೊನೆಗೊಳ್ಳಲಿದ್ದು, ಇದು ಸಂಸತ್ತಿನ ಕೊನೆಯ ಅಧಿವೇಶನವಾಗಿದೆ. 2019 ರಲ್ಲಿ ಮಾರ್ಚ್ 10 ರಂದು ಲೋಕಸಭೆ ಚುನಾವಣೆ ಘೋಷಣೆಯಾಗಿತ್ತು.

ಈ ಬಾರಿಯೂ ಏಪ್ರಿಲ್-ಮೇ ತಿಂಗಳಿನಲ್ಲಿ ಲೋಕಸಭೆ ಚುನಾವಣೆ ನಡೆಯುವ ಸಾಧ್ಯತೆ ಇದ್ದು, ಅದಕ್ಕೂ ಮುನ್ನ ಮಧ್ಯಂತರ ಬಜೆಟ್ ಮಂಡನೆಯಾಗಲಿದೆ.
